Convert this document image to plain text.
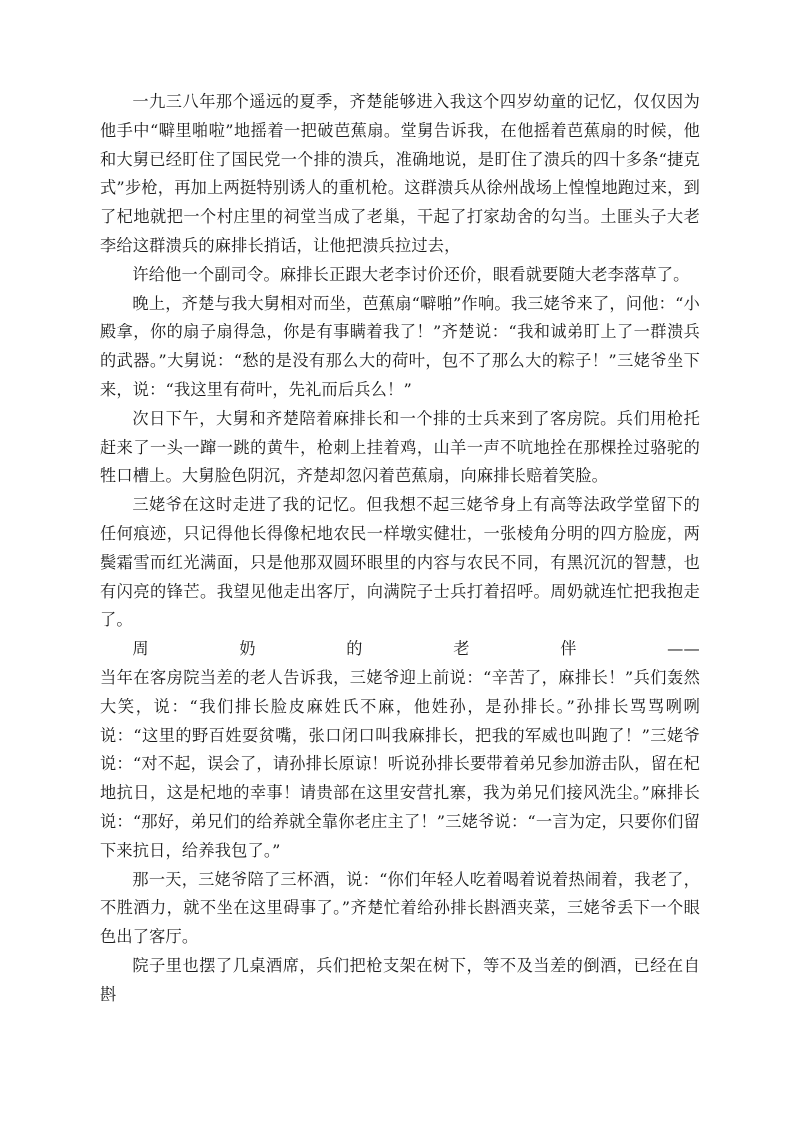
一九三八年那个遥远的夏季，齐楚能够进入我这个四岁幼童的记忆，仅仅因为他手中“噼里啪啦”地摇着一把破芭蕉扇。堂舅告诉我，在他摇着芭蕉扇的时候，他和大舅已经盯住了国民党一个排的溃兵，准确地说，是盯住了溃兵的四十多条“捷克式”步枪，再加上两挺特别诱人的重机枪。这群溃兵从徐州战场上惶惶地跑过来，到了杞地就把一个村庄里的祠堂当成了老巢，干起了打家劫舍的勾当。土匪头子大老李给这群溃兵的麻排长捎话，让他把溃兵拉过去，

许给他一个副司令。麻排长正跟大老李讨价还价，眼看就要随大老李落草了。

晚上，齐楚与我大舅相对而坐，芭蕉扇“噼啪”作响。我三姥爷来了，问他：“小殿拿，你的扇子扇得急，你是有事瞒着我了！”齐楚说：“我和诚弟盯上了一群溃兵的武器。”大舅说：“愁的是没有那么大的荷叶，包不了那么大的粽子！”三姥爷坐下来，说：“我这里有荷叶，先礼而后兵么！”

次日下午，大舅和齐楚陪着麻排长和一个排的士兵来到了客房院。兵们用枪托赶来了一头一蹿一跳的黄牛，枪刺上挂着鸡，山羊一声不吭地拴在那棵拴过骆驼的牲口槽上。大舅脸色阴沉，齐楚却忽闪着芭蕉扇，向麻排长赔着笑脸。

三姥爷在这时走进了我的记忆。但我想不起三姥爷身上有高等法政学堂留下的任何痕迹，只记得他长得像杞地农民一样墩实健壮，一张棱角分明的四方脸庞，两鬓霜雪而红光满面，只是他那双圆环眼里的内容与农民不同，有黑沉沉的智慧，也有闪亮的锋芒。我望见他走出客厅，向满院子士兵打着招呼。周奶就连忙把我抱走了。

周	奶	的	老	伴	——

当年在客房院当差的老人告诉我，三姥爷迎上前说：“辛苦了，麻排长！”兵们轰然大笑，说：“我们排长脸皮麻姓氏不麻，他姓孙，是孙排长。”孙排长骂骂咧咧说：“这里的野百姓耍贫嘴，张口闭口叫我麻排长，把我的军威也叫跑了！”三姥爷说：“对不起，误会了，请孙排长原谅！听说孙排长要带着弟兄参加游击队，留在杞地抗日，这是杞地的幸事！请贵部在这里安营扎寨，我为弟兄们接风洗尘。”麻排长说：“那好，弟兄们的给养就全靠你老庄主了！”三姥爷说：“一言为定，只要你们留下来抗日，给养我包了。”

那一天，三姥爷陪了三杯酒，说：“你们年轻人吃着喝着说着热闹着，我老了，不胜酒力，就不坐在这里碍事了。”齐楚忙着给孙排长斟酒夹菜，三姥爷丢下一个眼色出了客厅。

院子里也摆了几桌酒席，兵们把枪支架在树下，等不及当差的倒酒，已经在自斟
